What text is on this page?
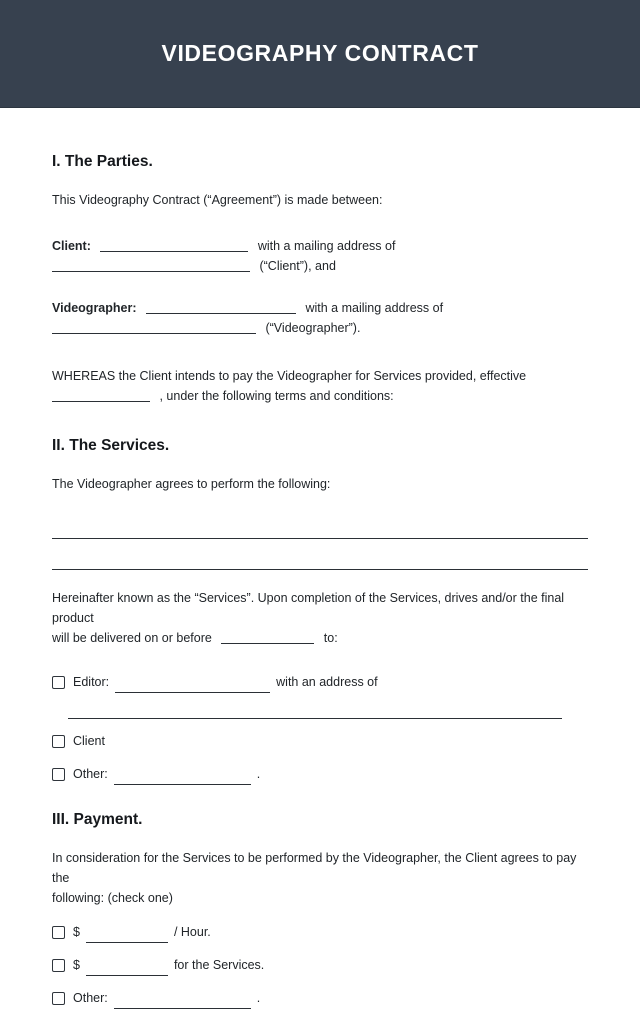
VIDEOGRAPHY CONTRACT
I. The Parties.

This Videography Contract (“Agreement”) is made between:

Client:	with a mailing address of
(“Client”), and
Videographer:	with a mailing address of
(“Videographer”).

WHEREAS the Client intends to pay the Videographer for Services provided, effective

, under the following terms and conditions:
II. The Services.

The Videographer agrees to perform the following:

Hereinafter known as the “Services”. Upon completion of the Services, drives and/or the final product

will be delivered on or before	to:
Editor:	with an address of
Client
Other:	.
III. Payment.

In consideration for the Services to be performed by the Videographer, the Client agrees to pay the
following: (check one)

$	/ Hour.
$	for the Services.
Other:	.
